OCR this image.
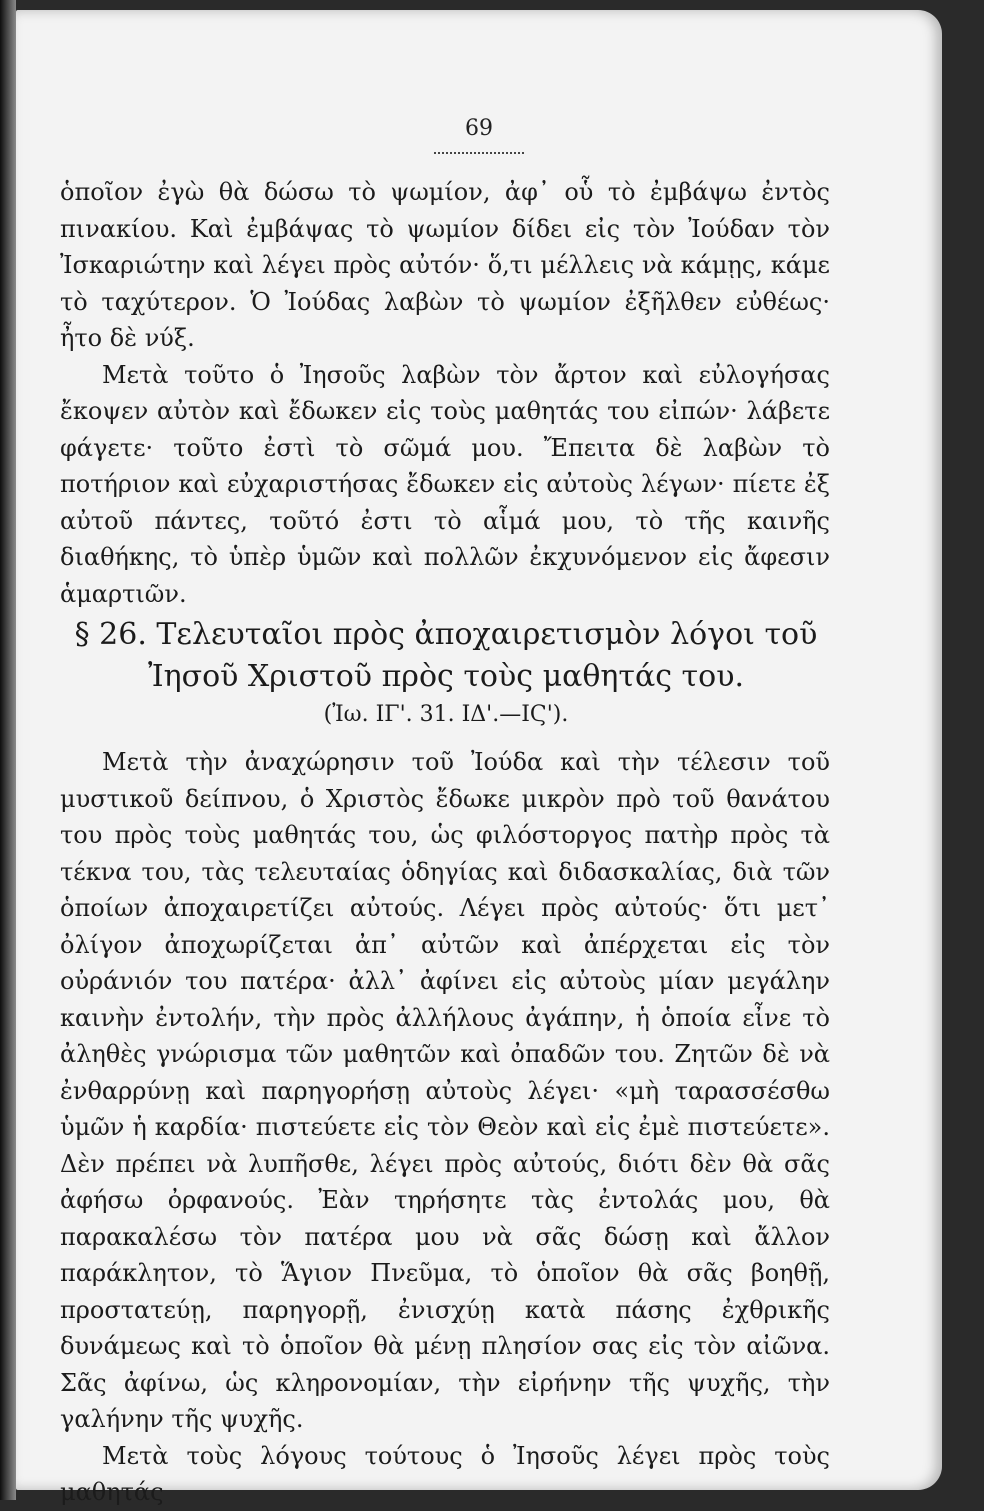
69

ὁποῖον ἐγὼ θὰ δώσω τὸ ψωμίον, ἀφ᾽ οὗ τὸ ἐμβάψω ἐντὸς πινακίου. Καὶ ἐμβάψας τὸ ψωμίον δίδει εἰς τὸν Ἰούδαν τὸν Ἰσκαριώτην καὶ λέγει πρὸς αὐτόν· ὅ,τι μέλλεις νὰ κάμῃς, κάμε τὸ ταχύτερον. Ὁ Ἰούδας λαβὼν τὸ ψωμίον ἐξῆλθεν εὐθέως· ἦτο δὲ νύξ.

Μετὰ τοῦτο ὁ Ἰησοῦς λαβὼν τὸν ἄρτον καὶ εὐλογήσας ἔκοψεν αὐτὸν καὶ ἔδωκεν εἰς τοὺς μαθητάς του εἰπών· λάβετε φάγετε· τοῦτο ἐστὶ τὸ σῶμά μου. Ἔπειτα δὲ λαβὼν τὸ ποτήριον καὶ εὐχαριστήσας ἔδωκεν εἰς αὐτοὺς λέγων· πίετε ἐξ αὐτοῦ πάντες, τοῦτό ἐστι τὸ αἷμά μου, τὸ τῆς καινῆς διαθήκης, τὸ ὑπὲρ ὑμῶν καὶ πολλῶν ἐκχυνόμενον εἰς ἄφεσιν ἁμαρτιῶν.

§ 26. Τελευταῖοι πρὸς ἀποχαιρετισμὸν λόγοι τοῦ
Ἰησοῦ Χριστοῦ πρὸς τοὺς μαθητάς του.
(Ἰω. ΙΓ'. 31. ΙΔ'.—ΙϚ').

Μετὰ τὴν ἀναχώρησιν τοῦ Ἰούδα καὶ τὴν τέλεσιν τοῦ μυστικοῦ δείπνου, ὁ Χριστὸς ἔδωκε μικρὸν πρὸ τοῦ θανάτου του πρὸς τοὺς μαθητάς του, ὡς φιλόστοργος πατὴρ πρὸς τὰ τέκνα του, τὰς τελευταίας ὁδηγίας καὶ διδασκαλίας, διὰ τῶν ὁποίων ἀποχαιρετίζει αὐτούς. Λέγει πρὸς αὐτούς· ὅτι μετ᾽ ὀλίγον ἀποχωρίζεται ἀπ᾽ αὐτῶν καὶ ἀπέρχεται εἰς τὸν οὐράνιόν του πατέρα· ἀλλ᾽ ἀφίνει εἰς αὐτοὺς μίαν μεγάλην καινὴν ἐντολήν, τὴν πρὸς ἀλλήλους ἀγάπην, ἡ ὁποία εἶνε τὸ ἀληθὲς γνώρισμα τῶν μαθητῶν καὶ ὀπαδῶν του. Ζητῶν δὲ νὰ ἐνθαρρύνῃ καὶ παρηγορήσῃ αὐτοὺς λέγει· «μὴ ταρασσέσθω ὑμῶν ἡ καρδία· πιστεύετε εἰς τὸν Θεὸν καὶ εἰς ἐμὲ πιστεύετε». Δὲν πρέπει νὰ λυπῆσθε, λέγει πρὸς αὐτούς, διότι δὲν θὰ σᾶς ἀφήσω ὀρφανούς. Ἐὰν τηρήσητε τὰς ἐντολάς μου, θὰ παρακαλέσω τὸν πατέρα μου νὰ σᾶς δώσῃ καὶ ἄλλον παράκλητον, τὸ Ἅγιον Πνεῦμα, τὸ ὁποῖον θὰ σᾶς βοηθῇ, προστατεύῃ, παρηγορῇ, ἐνισχύῃ κατὰ πάσης ἐχθρικῆς δυνάμεως καὶ τὸ ὁποῖον θὰ μένῃ πλησίον σας εἰς τὸν αἰῶνα. Σᾶς ἀφίνω, ὡς κληρονομίαν, τὴν εἰρήνην τῆς ψυχῆς, τὴν γαλήνην τῆς ψυχῆς.

Μετὰ τοὺς λόγους τούτους ὁ Ἰησοῦς λέγει πρὸς τοὺς μαθητάς
